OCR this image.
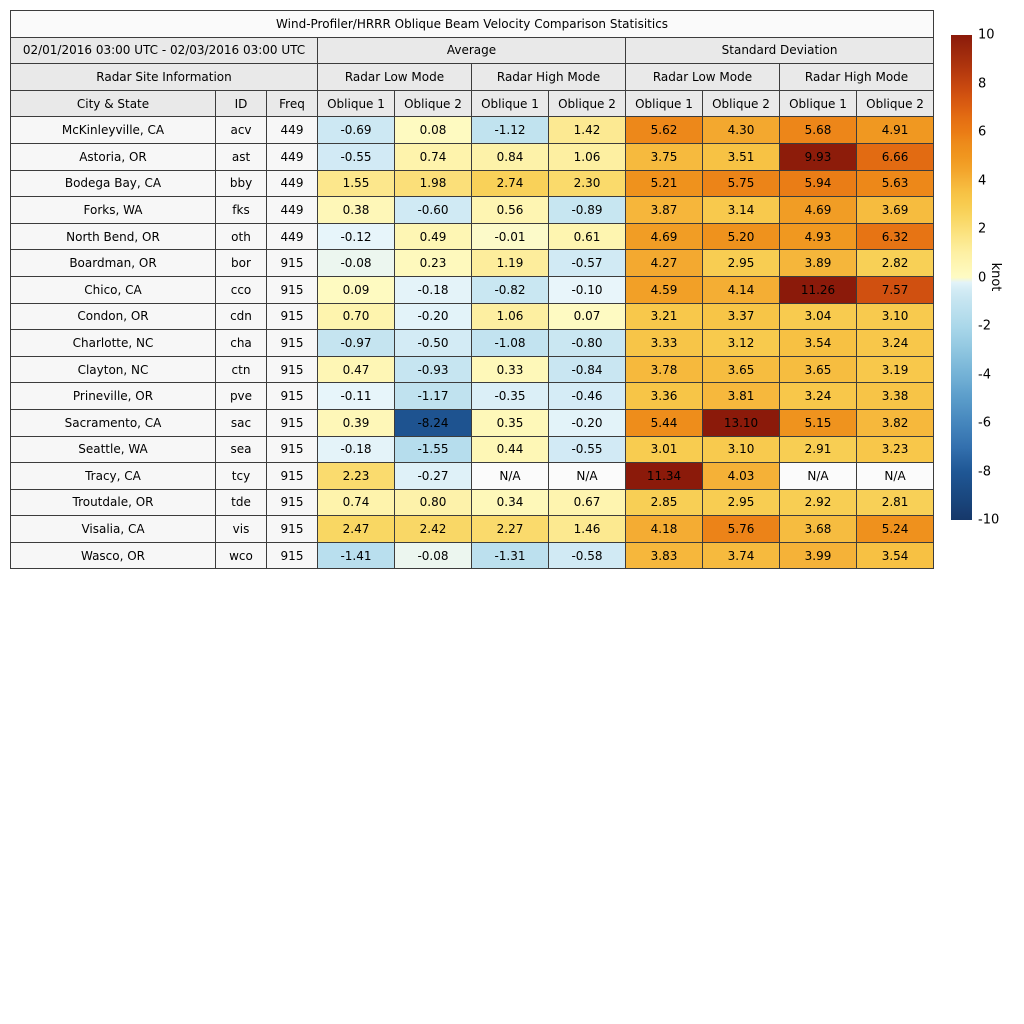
Wind-Profiler/HRRR Oblique Beam Velocity Comparison Statisitics										
02/01/2016 03:00 UTC - 02/03/2016 03:00 UTC			Average				Standard Deviation			
Radar Site Information			Radar Low Mode		Radar High Mode		Radar Low Mode		Radar High Mode	
City & State	ID	Freq	Oblique 1	Oblique 2	Oblique 1	Oblique 2	Oblique 1	Oblique 2	Oblique 1	Oblique 2
McKinleyville, CA	acv	449	-0.69	0.08	-1.12	1.42	5.62	4.30	5.68	4.91
Astoria, OR	ast	449	-0.55	0.74	0.84	1.06	3.75	3.51	9.93	6.66
Bodega Bay, CA	bby	449	1.55	1.98	2.74	2.30	5.21	5.75	5.94	5.63
Forks, WA	fks	449	0.38	-0.60	0.56	-0.89	3.87	3.14	4.69	3.69
North Bend, OR	oth	449	-0.12	0.49	-0.01	0.61	4.69	5.20	4.93	6.32
Boardman, OR	bor	915	-0.08	0.23	1.19	-0.57	4.27	2.95	3.89	2.82
Chico, CA	cco	915	0.09	-0.18	-0.82	-0.10	4.59	4.14	11.26	7.57
Condon, OR	cdn	915	0.70	-0.20	1.06	0.07	3.21	3.37	3.04	3.10
Charlotte, NC	cha	915	-0.97	-0.50	-1.08	-0.80	3.33	3.12	3.54	3.24
Clayton, NC	ctn	915	0.47	-0.93	0.33	-0.84	3.78	3.65	3.65	3.19
Prineville, OR	pve	915	-0.11	-1.17	-0.35	-0.46	3.36	3.81	3.24	3.38
Sacramento, CA	sac	915	0.39	-8.24	0.35	-0.20	5.44	13.10	5.15	3.82
Seattle, WA	sea	915	-0.18	-1.55	0.44	-0.55	3.01	3.10	2.91	3.23
Tracy, CA	tcy	915	2.23	-0.27	N/A	N/A	11.34	4.03	N/A	N/A
Troutdale, OR	tde	915	0.74	0.80	0.34	0.67	2.85	2.95	2.92	2.81
Visalia, CA	vis	915	2.47	2.42	2.27	1.46	4.18	5.76	3.68	5.24
Wasco, OR	wco	915	-1.41	-0.08	-1.31	-0.58	3.83	3.74	3.99	3.54
10
8
6
4
2
0
-2
-4
-6
-8
-10
knot
